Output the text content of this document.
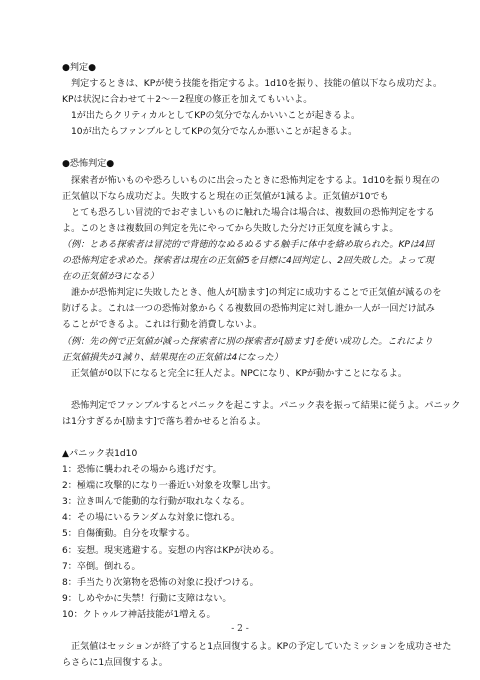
●判定●
判定するときは、KPが使う技能を指定するよ。1d10を振り、技能の値以下なら成功だよ。
KPは状況に合わせて＋2～－2程度の修正を加えてもいいよ。
1が出たらクリティカルとしてKPの気分でなんかいいことが起きるよ。
10が出たらファンブルとしてKPの気分でなんか悪いことが起きるよ。
●恐怖判定●
探索者が怖いものや恐ろしいものに出会ったときに恐怖判定をするよ。1d10を振り現在の
正気値以下なら成功だよ。失敗すると現在の正気値が1減るよ。正気値が10でも
とても恐ろしい冒涜的でおぞましいものに触れた場合は場合は、複数回の恐怖判定をする
よ。このときは複数回の判定を先にやってから失敗した分だけ正気度を減らすよ。
（例：とある探索者は冒涜的で背徳的なぬるぬるする触手に体中を絡め取られた。KPは4回
の恐怖判定を求めた。探索者は現在の正気値5を目標に4回判定し、2回失敗した。よって現
在の正気値が3になる）
誰かが恐怖判定に失敗したとき、他人が[励ます]の判定に成功することで正気値が減るのを
防げるよ。これは一つの恐怖対象からくる複数回の恐怖判定に対し誰か一人が一回だけ試み
ることができるよ。これは行動を消費しないよ。
（例：先の例で正気値が減った探索者に別の探索者が[励ます]を使い成功した。これにより
正気値損失が1減り、結果現在の正気値は4になった）
正気値が0以下になると完全に狂人だよ。NPCになり、KPが動かすことになるよ。
恐怖判定でファンブルするとパニックを起こすよ。パニック表を振って結果に従うよ。パニック
は1分すぎるか[励ます]で落ち着かせると治るよ。
▲パニック表1d10
1：恐怖に襲われその場から逃げだす。
2：極端に攻撃的になり一番近い対象を攻撃し出す。
3：泣き叫んで能動的な行動が取れなくなる。
4：その場にいるランダムな対象に惚れる。
5：自傷衝動。自分を攻撃する。
6：妄想。現実逃避する。妄想の内容はKPが決める。
7：卒倒。倒れる。
8：手当たり次第物を恐怖の対象に投げつける。
9：しめやかに失禁！行動に支障はない。
10：クトゥルフ神話技能が1増える。
正気値はセッションが終了すると1点回復するよ。KPの予定していたミッションを成功させた
らさらに1点回復するよ。
- 2 -
